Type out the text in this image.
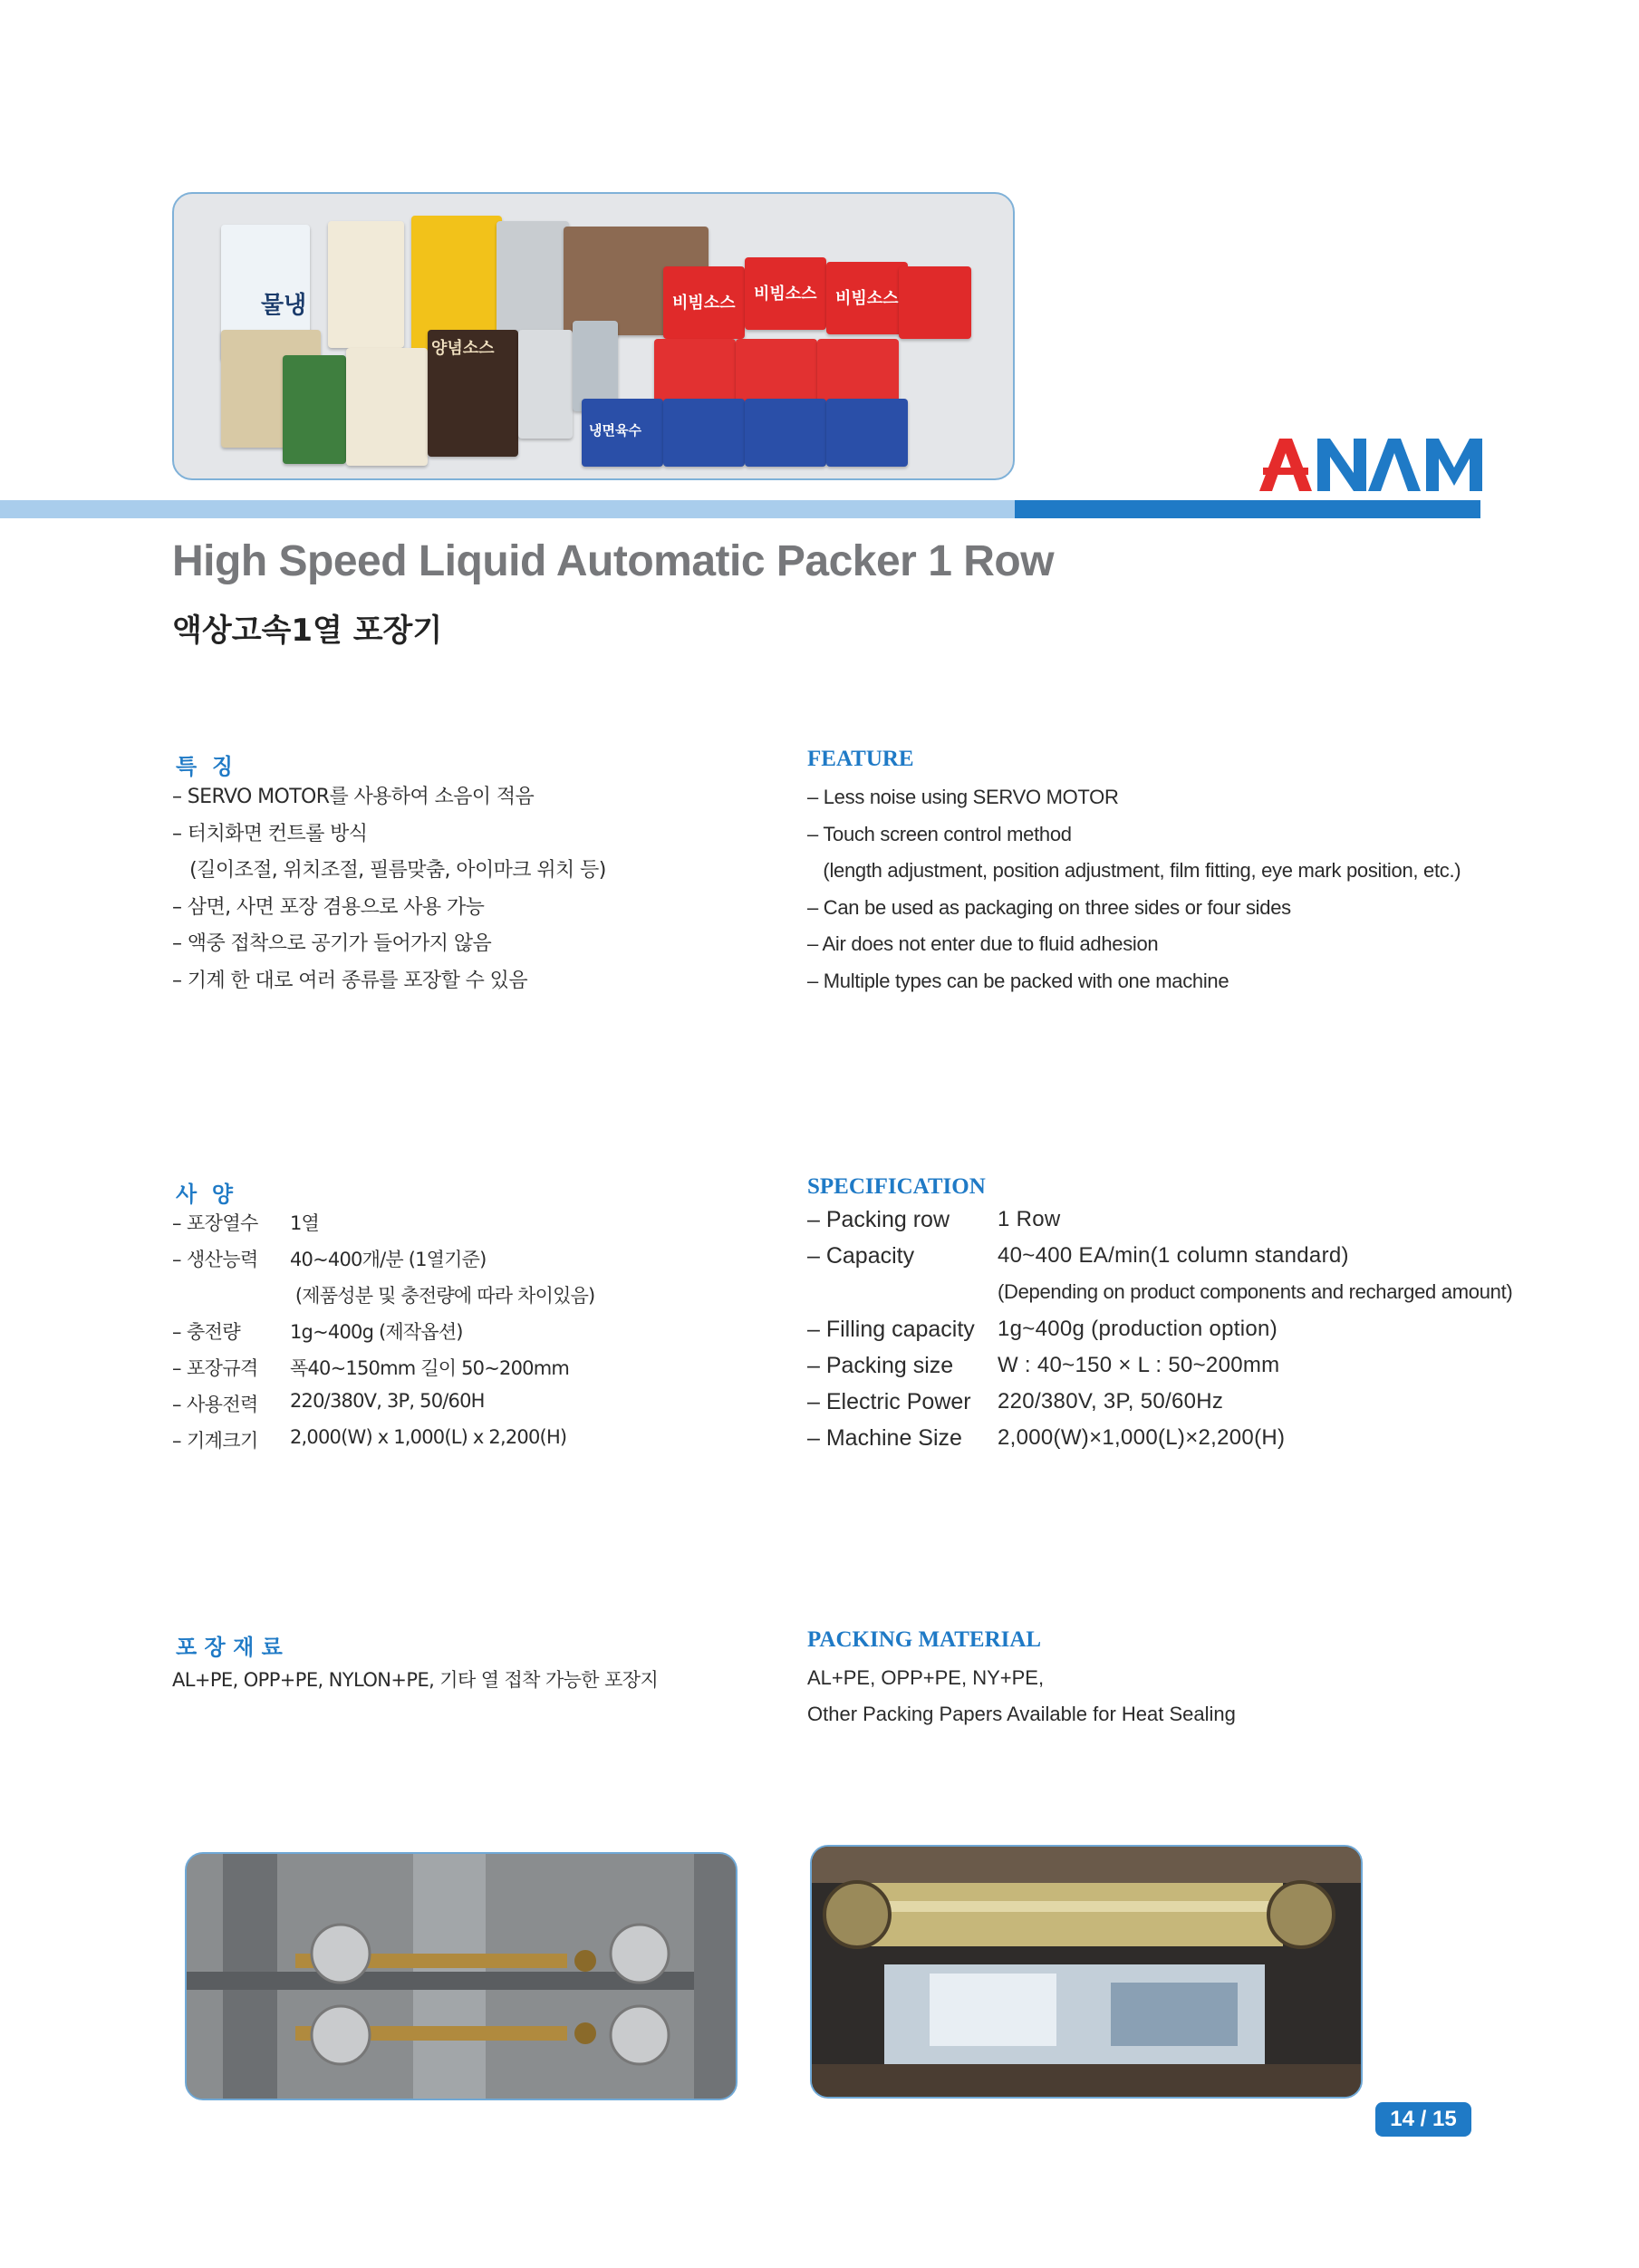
물냉
양념소스
비빔소스 비빔소스 비빔소스
냉면육수
High Speed Liquid Automatic Packer 1 Row
액상고속1열 포장기
특  징
– SERVO MOTOR를 사용하여 소음이 적음
– 터치화면 컨트롤 방식
(길이조절, 위치조절, 필름맞춤, 아이마크 위치 등)
– 삼면, 사면 포장 겸용으로 사용 가능
– 액중 접착으로 공기가 들어가지 않음
– 기계 한 대로 여러 종류를 포장할 수 있음
FEATURE
– Less noise using SERVO MOTOR
– Touch screen control method
(length adjustment, position adjustment, film fitting, eye mark position, etc.)
– Can be used as packaging on three sides or four sides
– Air does not enter due to fluid adhesion
– Multiple types can be packed with one machine
사  양
– 포장열수 1열
– 생산능력 40~400개/분 (1열기준)
(제품성분 및 충전량에 따라 차이있음)
– 충전량	1g~400g (제작옵션)
– 포장규격 폭40~150mm 길이 50~200mm
– 사용전력 220/380V, 3P, 50/60H
– 기계크기 2,000(W) x 1,000(L) x 2,200(H)
SPECIFICATION
– Packing row 1 Row
– Capacity	40~400 EA/min(1 column standard)
(Depending on product components and recharged amount)
– Filling capacity 1g~400g (production option)
– Packing size W : 40~150 × L : 50~200mm
– Electric Power 220/380V, 3P, 50/60Hz
– Machine Size 2,000(W)×1,000(L)×2,200(H)
포 장 재 료
AL+PE, OPP+PE, NYLON+PE, 기타 열 접착 가능한 포장지
PACKING MATERIAL
AL+PE, OPP+PE, NY+PE,
Other Packing Papers Available for Heat Sealing
14 / 15
